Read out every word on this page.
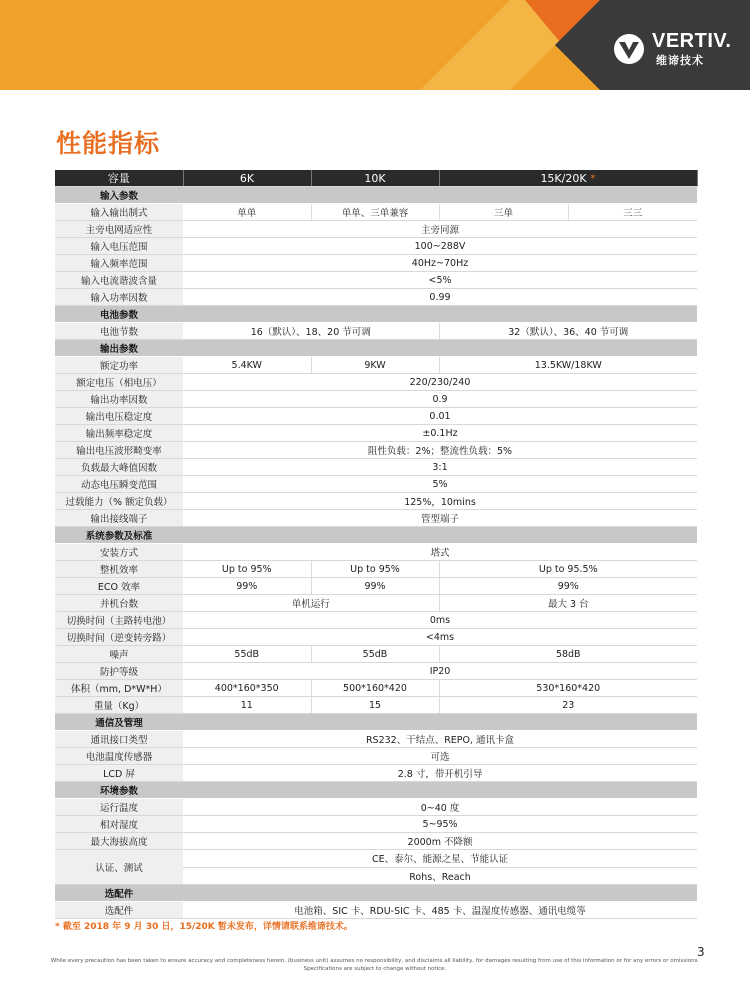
VERTIV.
维谛技术
性能指标
容量	6K	10K	15K/20K *	
输入参数				
输入输出制式	单单	单单、三单兼容	三单	三三
主旁电网适应性	主旁同源			
输入电压范围	100~288V			
输入频率范围	40Hz~70Hz			
输入电流谐波含量	<5%			
输入功率因数	0.99			
电池参数				
电池节数	16（默认）、18、20 节可调		32（默认）、36、40 节可调	
输出参数				
额定功率	5.4KW	9KW	13.5KW/18KW	
额定电压（相电压）	220/230/240			
输出功率因数	0.9			
输出电压稳定度	0.01			
输出频率稳定度	±0.1Hz			
输出电压波形畸变率	阻性负载：2%；整流性负载：5%			
负载最大峰值因数	3:1			
动态电压瞬变范围	5%			
过载能力（% 额定负载）	125%，10mins			
输出接线端子	管型端子			
系统参数及标准				
安装方式	塔式			
整机效率	Up to 95%	Up to 95%	Up to 95.5%	
ECO 效率	99%	99%	99%	
并机台数	单机运行		最大 3 台	
切换时间（主路转电池）	0ms			
切换时间（逆变转旁路）	<4ms			
噪声	55dB	55dB	58dB	
防护等级	IP20			
体积（mm, D*W*H）	400*160*350	500*160*420	530*160*420	
重量（Kg）	11	15	23	
通信及管理				
通讯接口类型	RS232、干结点、REPO, 通讯卡盒			
电池温度传感器	可选			
LCD 屏	2.8 寸，带开机引导			
环境参数				
运行温度	0~40 度			
相对湿度	5~95%			
最大海拔高度	2000m 不降额			
认证、测试	CE、泰尔、能源之星、节能认证			
	Rohs、Reach			
选配件				
选配件	电池箱、SIC 卡、RDU-SIC 卡、485 卡、温湿度传感器、通讯电缆等			
* 截至 2018 年 9 月 30 日，15/20K 暂未发布，详情请联系维谛技术。
3
While every precaution has been taken to ensure accuracy and completeness herein, (business unit) assumes no responsibility, and disclaims all liability, for damages resulting from use of this information or for any errors or omissions.
Specifications are subject to change without notice.
